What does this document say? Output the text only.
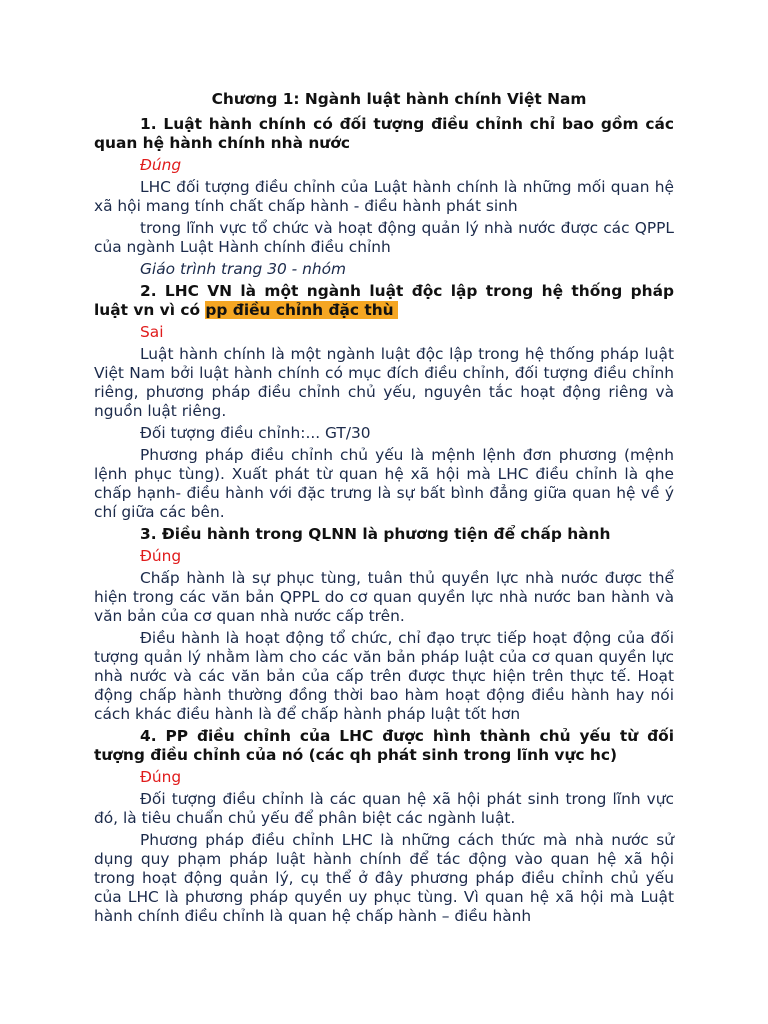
Chương 1: Ngành luật hành chính Việt Nam
1. Luật hành chính có đối tượng điều chỉnh chỉ bao gồm các quan hệ hành chính nhà nước
Đúng
LHC đối tượng điều chỉnh của Luật hành chính là những mối quan hệ xã hội mang tính chất chấp hành - điều hành phát sinh
trong lĩnh vực tổ chức và hoạt động quản lý nhà nước được các QPPL của ngành Luật Hành chính điều chỉnh
Giáo trình trang 30 - nhóm
2. LHC VN là một ngành luật độc lập trong hệ thống pháp luật vn vì có pp điều chỉnh đặc thù
Sai
Luật hành chính là một ngành luật độc lập trong hệ thống pháp luật Việt Nam bởi luật hành chính có mục đích điều chỉnh, đối tượng điều chỉnh riêng, phương pháp điều chỉnh chủ yếu, nguyên tắc hoạt động riêng và nguồn luật riêng.
Đối tượng điều chỉnh:... GT/30
Phương pháp điều chỉnh chủ yếu là mệnh lệnh đơn phương (mệnh lệnh phục tùng). Xuất phát từ quan hệ xã hội mà LHC điều chỉnh là qhe chấp hạnh- điều hành với đặc trưng là sự bất bình đẳng giữa quan hệ về ý chí giữa các bên.
3. Điều hành trong QLNN là phương tiện để chấp hành
Đúng
Chấp hành là sự phục tùng, tuân thủ quyền lực nhà nước được thể hiện trong các văn bản QPPL do cơ quan quyền lực nhà nước ban hành và văn bản của cơ quan nhà nước cấp trên.
Điều hành là hoạt động tổ chức, chỉ đạo trực tiếp hoạt động của đối tượng quản lý nhằm làm cho các văn bản pháp luật của cơ quan quyền lực nhà nước và các văn bản của cấp trên được thực hiện trên thực tế. Hoạt động chấp hành thường đồng thời bao hàm hoạt động điều hành hay nói cách khác điều hành là để chấp hành pháp luật tốt hơn
4. PP điều chỉnh của LHC được hình thành chủ yếu từ đối tượng điều chỉnh của nó (các qh phát sinh trong lĩnh vực hc)
Đúng
Đối tượng điều chỉnh là các quan hệ xã hội phát sinh trong lĩnh vực đó, là tiêu chuẩn chủ yếu để phân biệt các ngành luật.
Phương pháp điều chỉnh LHC là những cách thức mà nhà nước sử dụng quy phạm pháp luật hành chính để tác động vào quan hệ xã hội trong hoạt động quản lý, cụ thể ở đây phương pháp điều chỉnh chủ yếu của LHC là phương pháp quyền uy phục tùng. Vì quan hệ xã hội mà Luật hành chính điều chỉnh là quan hệ chấp hành – điều hành
